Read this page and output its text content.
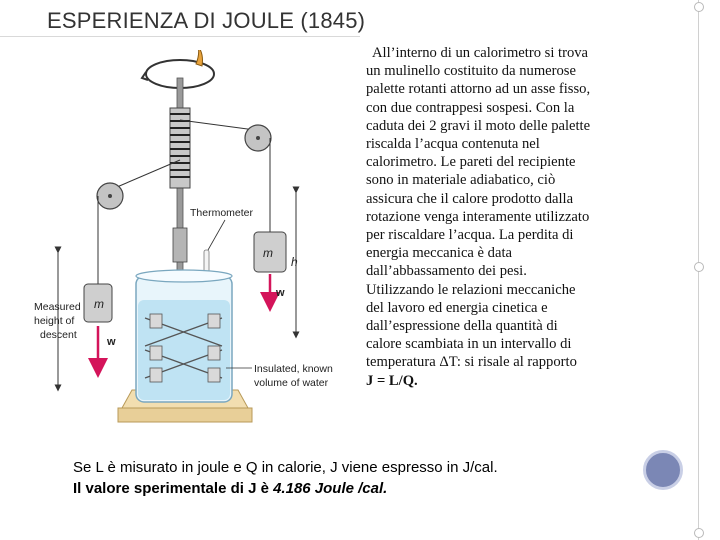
ESPERIENZA DI JOULE (1845)
m
w
h
m
w
Measured
height of
descent
Thermometer
Insulated, known
volume of water

All’interno di un calorimetro si trova

un mulinello costituito da numerose

palette rotanti attorno ad un asse fisso,

con due contrappesi sospesi. Con la

caduta dei 2 gravi il moto delle palette

riscalda l’acqua contenuta nel

calorimetro. Le pareti del recipiente

sono in materiale adiabatico, ciò

assicura che il calore prodotto dalla

rotazione venga interamente utilizzato

per riscaldare l’acqua. La perdita di

energia meccanica è data

dall’abbassamento dei pesi.

Utilizzando le relazioni meccaniche

del lavoro ed energia cinetica e

dall’espressione della quantità di

calore scambiata in un intervallo di

temperatura ΔT: si risale al rapporto

J = L/Q.

Se L è misurato in joule e Q in calorie, J viene espresso in J/cal.
Il valore sperimentale di J è 4.186 Joule /cal.
